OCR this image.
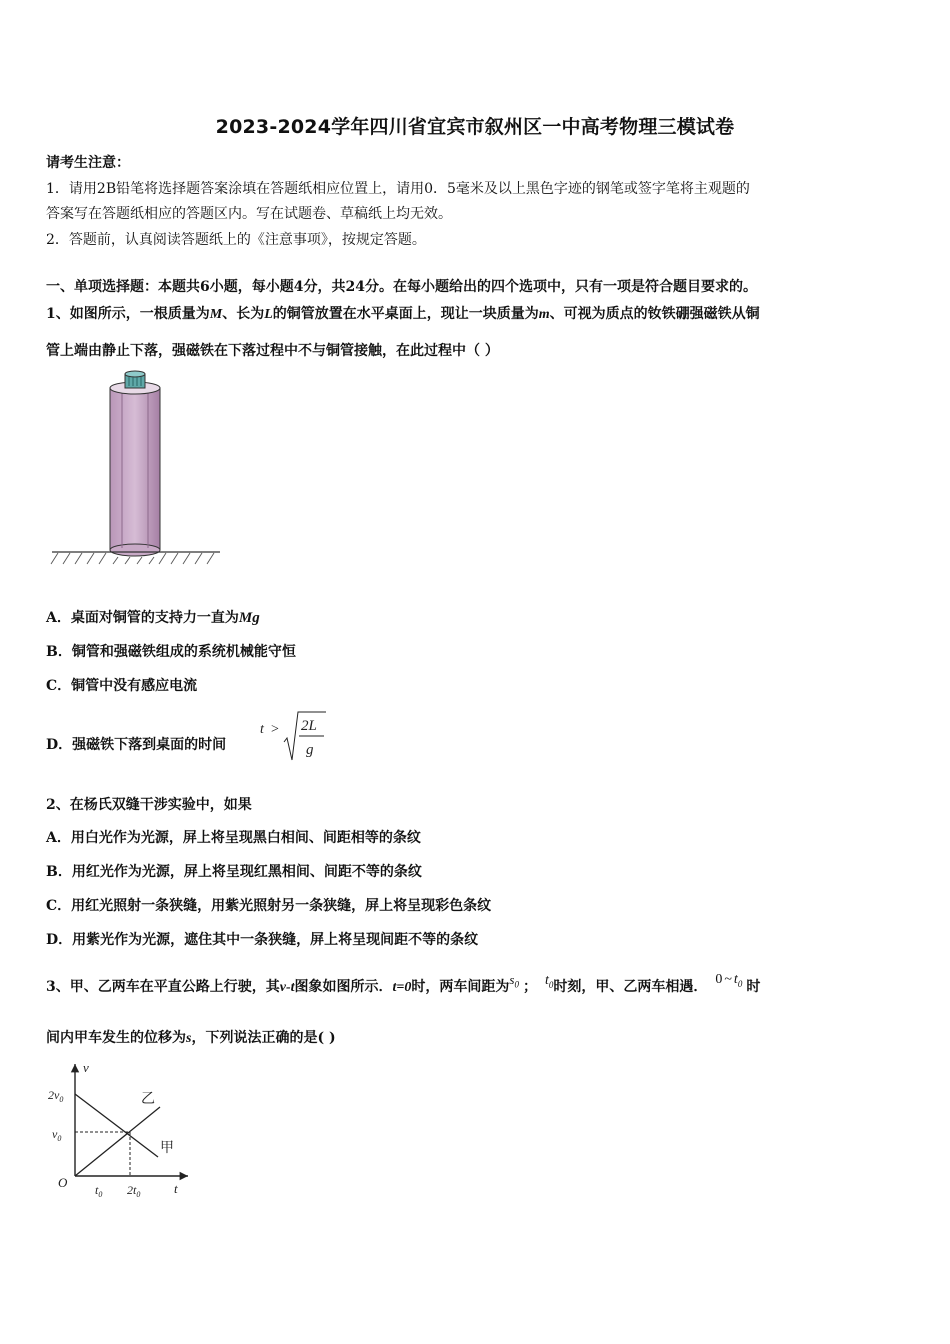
2023-2024学年四川省宜宾市叙州区一中高考物理三模试卷
请考生注意：
1．请用2B铅笔将选择题答案涂填在答题纸相应位置上，请用0．5毫米及以上黑色字迹的钢笔或签字笔将主观题的
答案写在答题纸相应的答题区内。写在试题卷、草稿纸上均无效。
2．答题前，认真阅读答题纸上的《注意事项》，按规定答题。
一、单项选择题：本题共6小题，每小题4分，共24分。在每小题给出的四个选项中，只有一项是符合题目要求的。
1、如图所示，一根质量为M、长为L的铜管放置在水平桌面上，现让一块质量为m、可视为质点的钕铁硼强磁铁从铜
管上端由静止下落，强磁铁在下落过程中不与铜管接触，在此过程中（ ）
A．桌面对铜管的支持力一直为Mg
B．铜管和强磁铁组成的系统机械能守恒
C．铜管中没有感应电流
D．强磁铁下落到桌面的时间
t > 2L
g
2、在杨氏双缝干涉实验中，如果
A．用白光作为光源，屏上将呈现黑白相间、间距相等的条纹
B．用红光作为光源，屏上将呈现红黑相间、间距不等的条纹
C．用红光照射一条狭缝，用紫光照射另一条狭缝，屏上将呈现彩色条纹
D．用紫光作为光源，遮住其中一条狭缝，屏上将呈现间距不等的条纹
3、甲、乙两车在平直公路上行驶，其v-t图象如图所示．t=0时，两车间距为$s_0$ ； $t_0$时刻，甲、乙两车相遇． 0 ~ $t_0$ 时
间内甲车发生的位移为s，下列说法正确的是( )
v
t
O
$2v_0$
$v_0$
$t_0$ $2t_0$
乙
甲
